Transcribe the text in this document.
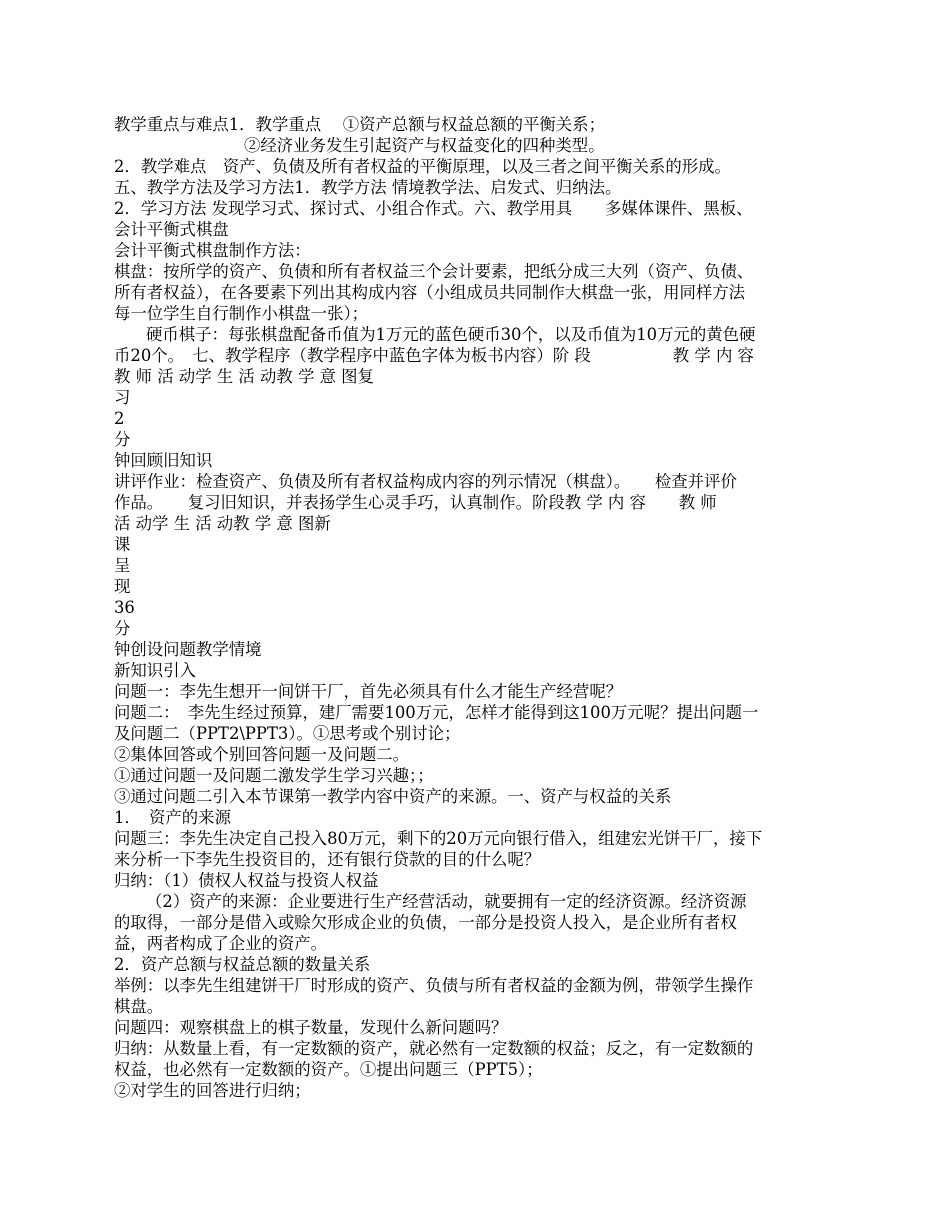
教学重点与难点1．教学重点　 ①资产总额与权益总额的平衡关系；
②经济业务发生引起资产与权益变化的四种类型。
2．教学难点　资产、负债及所有者权益的平衡原理，以及三者之间平衡关系的形成。
五、教学方法及学习方法1．教学方法 情境教学法、启发式、归纳法。
2．学习方法 发现学习式、探讨式、小组合作式。六、教学用具　　多媒体课件、黑板、
会计平衡式棋盘
会计平衡式棋盘制作方法：
棋盘：按所学的资产、负债和所有者权益三个会计要素，把纸分成三大列（资产、负债、
所有者权益），在各要素下列出其构成内容（小组成员共同制作大棋盘一张，用同样方法
每一位学生自行制作小棋盘一张）；
硬币棋子：每张棋盘配备币值为1万元的蓝色硬币30个，以及币值为10万元的黄色硬
币20个。　七、教学程序（教学程序中蓝色字体为板书内容）阶 段　　　　　教 学 内 容
教 师 活 动学 生 活 动教 学 意 图复
习
2
分
钟回顾旧知识
讲评作业：检查资产、负债及所有者权益构成内容的列示情况（棋盘）。　　检查并评价
作品。　　复习旧知识，并表扬学生心灵手巧，认真制作。阶段教 学 内 容　　教 师
活 动学 生 活 动教 学 意 图新
课
呈
现
36
分
钟创设问题教学情境
新知识引入
问题一：李先生想开一间饼干厂，首先必须具有什么才能生产经营呢？
问题二：　李先生经过预算，建厂需要100万元，怎样才能得到这100万元呢？提出问题一
及问题二（PPT2\PPT3）。①思考或个别讨论；
②集体回答或个别回答问题一及问题二。
①通过问题一及问题二激发学生学习兴趣；；
③通过问题二引入本节课第一教学内容中资产的来源。一、资产与权益的关系
1．　资产的来源
问题三：李先生决定自己投入80万元，剩下的20万元向银行借入，组建宏光饼干厂，接下
来分析一下李先生投资目的，还有银行贷款的目的什么呢？
归纳：（1）债权人权益与投资人权益
（2）资产的来源：企业要进行生产经营活动，就要拥有一定的经济资源。经济资源
的取得，一部分是借入或赊欠形成企业的负债，一部分是投资人投入，是企业所有者权
益，两者构成了企业的资产。
2．资产总额与权益总额的数量关系
举例：以李先生组建饼干厂时形成的资产、负债与所有者权益的金额为例，带领学生操作
棋盘。
问题四：观察棋盘上的棋子数量，发现什么新问题吗？
归纳：从数量上看，有一定数额的资产，就必然有一定数额的权益；反之，有一定数额的
权益，也必然有一定数额的资产。①提出问题三（PPT5）；
②对学生的回答进行归纳；
